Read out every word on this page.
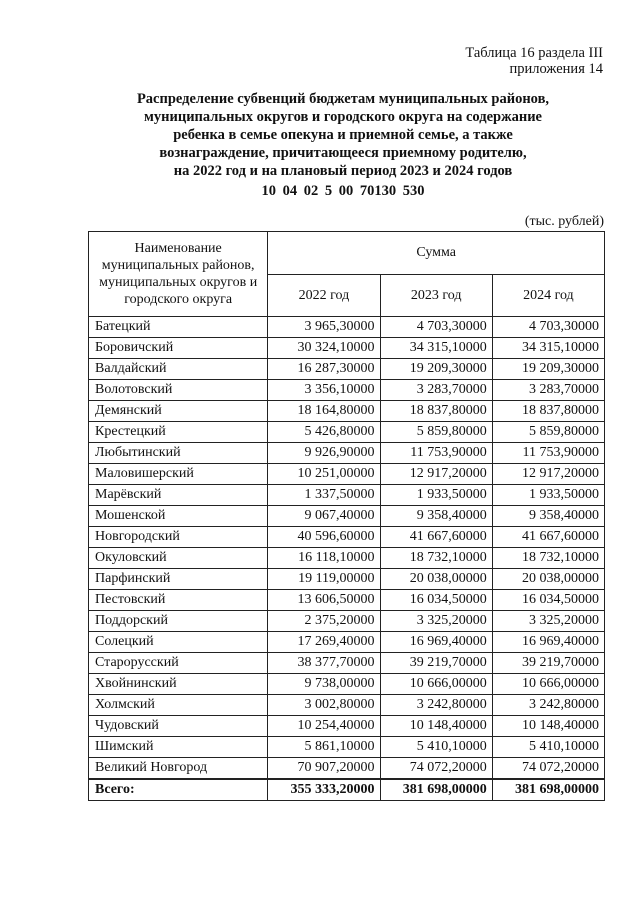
Таблица 16 раздела III
приложения 14
Распределение субвенций бюджетам муниципальных районов,
муниципальных округов и городского округа на содержание
ребенка в семье опекуна и приемной семье, а также
вознаграждение, причитающееся приемному родителю,
на 2022 год и на плановый период 2023 и 2024 годов
10 04 02 5 00 70130 530
(тыс. рублей)
Наименование муниципальных районов, муниципальных округов и городского округа	Сумма		
	2022 год	2023 год	2024 год
Батецкий	3 965,30000	4 703,30000	4 703,30000
Боровичский	30 324,10000	34 315,10000	34 315,10000
Валдайский	16 287,30000	19 209,30000	19 209,30000
Волотовский	3 356,10000	3 283,70000	3 283,70000
Демянский	18 164,80000	18 837,80000	18 837,80000
Крестецкий	5 426,80000	5 859,80000	5 859,80000
Любытинский	9 926,90000	11 753,90000	11 753,90000
Маловишерский	10 251,00000	12 917,20000	12 917,20000
Марёвский	1 337,50000	1 933,50000	1 933,50000
Мошенской	9 067,40000	9 358,40000	9 358,40000
Новгородский	40 596,60000	41 667,60000	41 667,60000
Окуловский	16 118,10000	18 732,10000	18 732,10000
Парфинский	19 119,00000	20 038,00000	20 038,00000
Пестовский	13 606,50000	16 034,50000	16 034,50000
Поддорский	2 375,20000	3 325,20000	3 325,20000
Солецкий	17 269,40000	16 969,40000	16 969,40000
Старорусский	38 377,70000	39 219,70000	39 219,70000
Хвойнинский	9 738,00000	10 666,00000	10 666,00000
Холмский	3 002,80000	3 242,80000	3 242,80000
Чудовский	10 254,40000	10 148,40000	10 148,40000
Шимский	5 861,10000	5 410,10000	5 410,10000
Великий Новгород	70 907,20000	74 072,20000	74 072,20000
Всего:	355 333,20000	381 698,00000	381 698,00000
